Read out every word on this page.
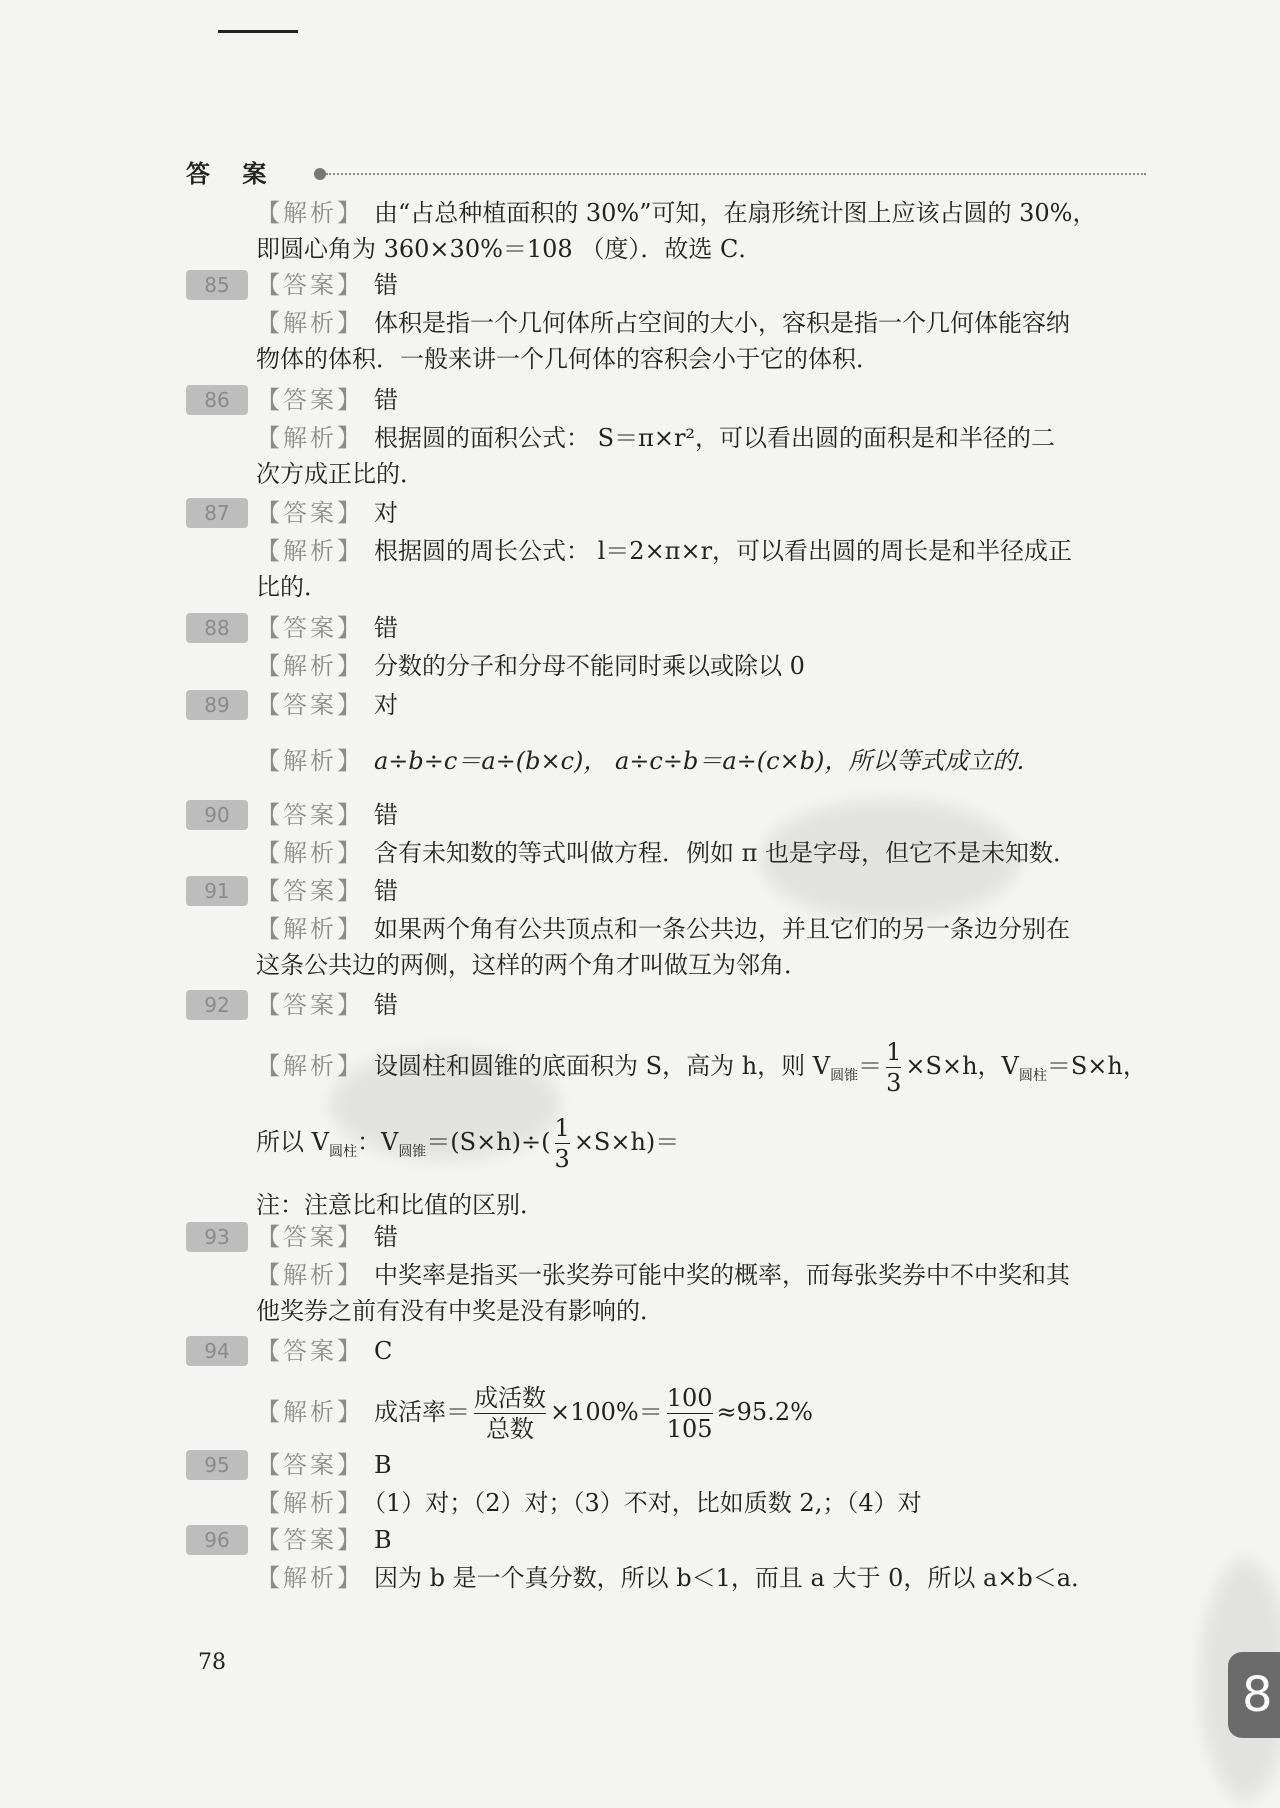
答 案
【解析】 由“占总种植面积的 30%”可知，在扇形统计图上应该占圆的 30%，
即圆心角为 360×30%＝108 （度）．故选 C．
85	【答案】 错
【解析】 体积是指一个几何体所占空间的大小，容积是指一个几何体能容纳
物体的体积．一般来讲一个几何体的容积会小于它的体积．
86	【答案】 错
【解析】 根据圆的面积公式： S＝π×r²，可以看出圆的面积是和半径的二
次方成正比的．
87	【答案】 对
【解析】 根据圆的周长公式： l＝2×π×r，可以看出圆的周长是和半径成正
比的．
88	【答案】 错
【解析】 分数的分子和分母不能同时乘以或除以 0
89	【答案】 对
【解析】 a÷b÷c＝a÷(b×c)， a÷c÷b＝a÷(c×b)，所以等式成立的．
90	【答案】 错
【解析】 含有未知数的等式叫做方程．例如 π 也是字母，但它不是未知数．
91	【答案】 错
【解析】 如果两个角有公共顶点和一条公共边，并且它们的另一条边分别在
这条公共边的两侧，这样的两个角才叫做互为邻角．
92	【答案】 错
【解析】 设圆柱和圆锥的底面积为 S，高为 h，则 $V_{圆锥}= \frac{1}{3} \times S\times h$，$V_{圆柱}=S\times h$，
所以 $V_{圆柱}$：$V_{圆锥}=(S\times h)\div( \frac{1}{3} \times S\times h)=$
注：注意比和比值的区别．
93	【答案】 错
【解析】 中奖率是指买一张奖券可能中奖的概率，而每张奖券中不中奖和其
他奖券之前有没有中奖是没有影响的．
94	【答案】 C
【解析】 成活率＝ $\frac{\text{成活数}}{\text{总数}} \times 100\%= \frac{100}{105} \approx 95.2\%$
95	【答案】 B
【解析】 （1）对；（2）对；（3）不对，比如质数 2,；（4）对
96	【答案】 B
【解析】 因为 b 是一个真分数，所以 b＜1，而且 a 大于 0，所以 a×b＜a．
78
8
